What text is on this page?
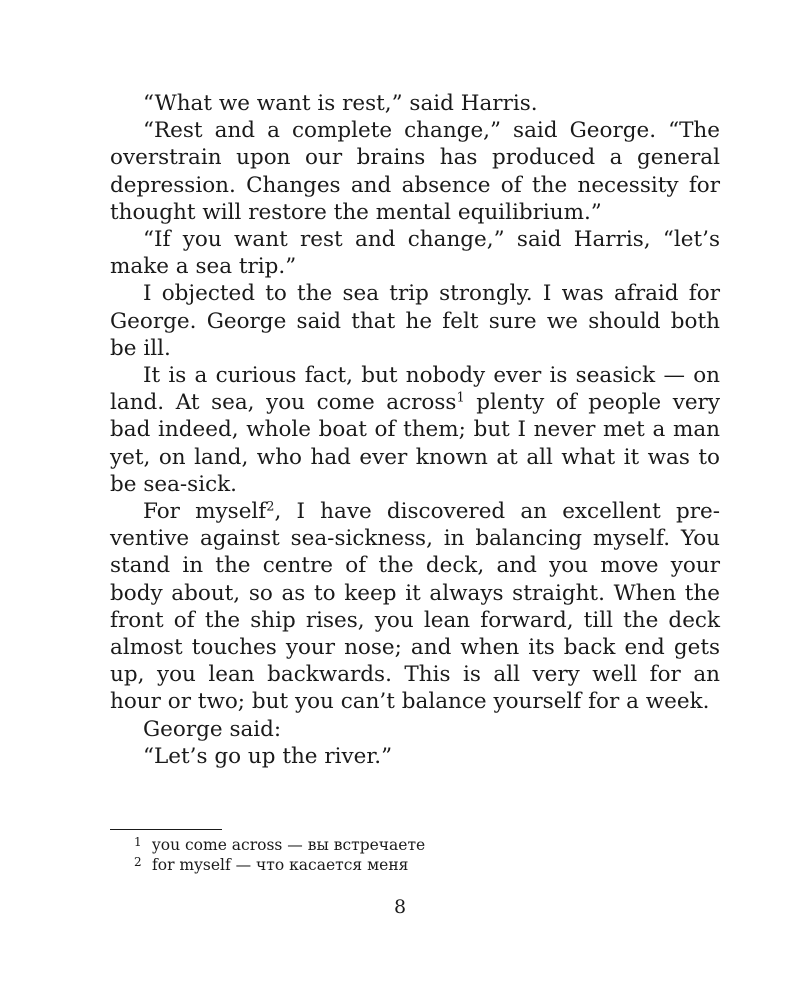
“What we want is rest,” said Harris.

“Rest and a complete change,” said George. “The overstrain upon our brains has produced a general depression. Changes and absence of the necessity for thought will restore the mental equilibrium.”

“If you want rest and change,” said Harris, “let’s make a sea trip.”

I objected to the sea trip strongly. I was afraid for George. George said that he felt sure we should both be ill.

It is a curious fact, but nobody ever is seasick — on land. At sea, you come across$^1$ plenty of people very bad indeed, whole boat of them; but I never met a man yet, on land, who had ever known at all what it was to be sea-sick.

For myself$^2$, I have discovered an excellent preventive against sea-sickness, in balancing myself. You stand in the centre of the deck, and you move your body about, so as to keep it always straight. When the front of the ship rises, you lean forward, till the deck almost touches your nose; and when its back end gets up, you lean backwards. This is all very well for an hour or two; but you can’t balance yourself for a week.

George said:

“Let’s go up the river.”

1 you come across — вы встречаете
2 for myself — что касается меня
8
